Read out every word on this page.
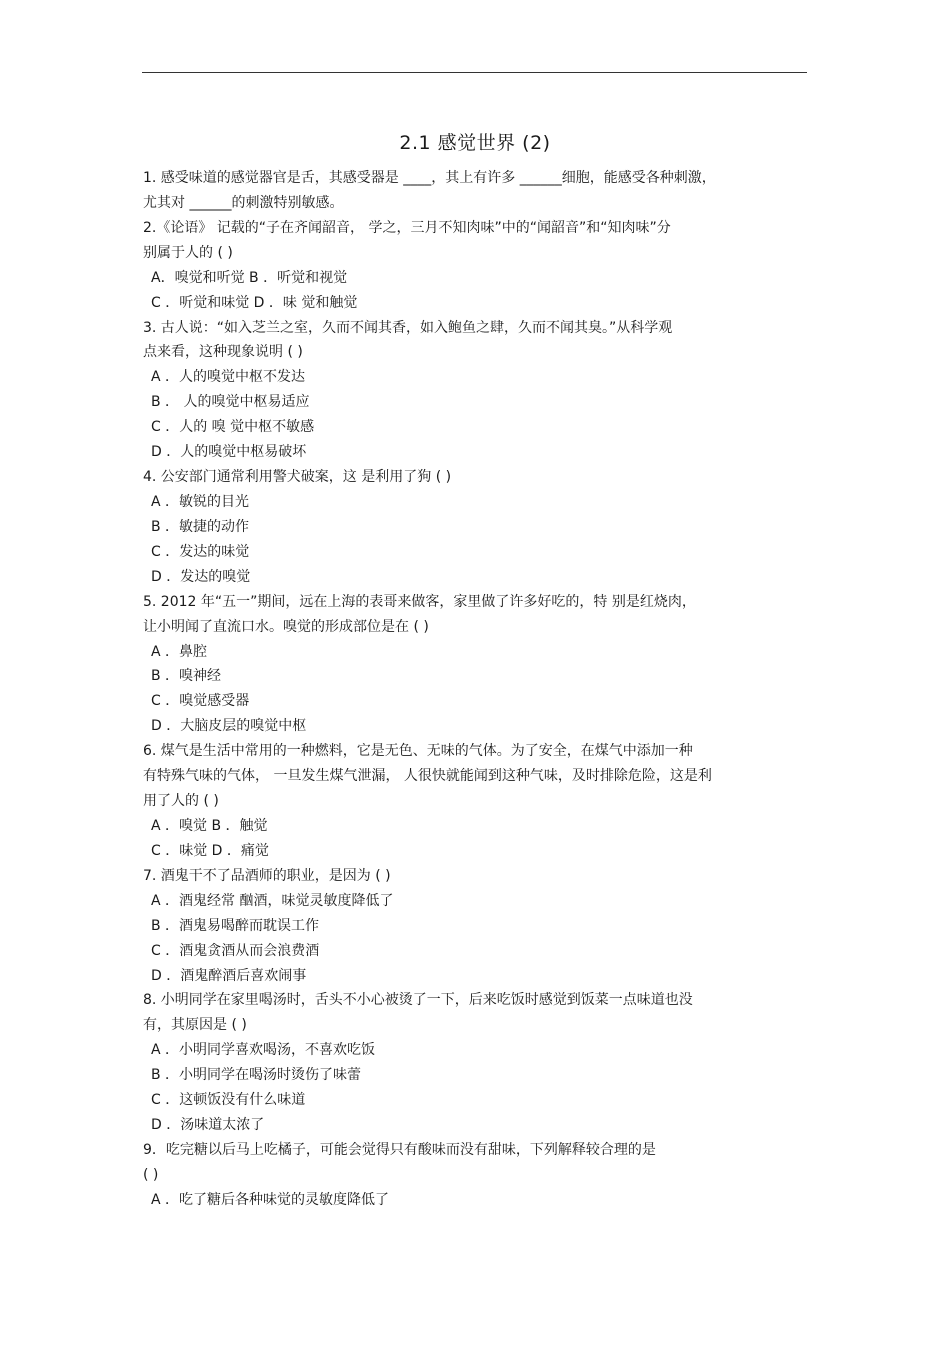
2.1 感觉世界 (2)
1. 感受味道的感觉器官是舌，其感受器是 ____，其上有许多 ______细胞，能感受各种刺激，
尤其对 ______的刺激特别敏感。
2.《论语》 记载的“子在齐闻韶音， 学之，三月不知肉味”中的“闻韶音”和“知肉味”分
别属于人的 ( )
A．嗅觉和听觉 B ．听觉和视觉
C ．听觉和味觉 D ．味 觉和触觉
3. 古人说：“如入芝兰之室，久而不闻其香，如入鲍鱼之肆，久而不闻其臭。”从科学观
点来看，这种现象说明 ( )
A ．人的嗅觉中枢不发达
B ． 人的嗅觉中枢易适应
C ．人的 嗅 觉中枢不敏感
D ．人的嗅觉中枢易破坏
4. 公安部门通常利用警犬破案，这 是利用了狗 ( )
A ．敏锐的目光
B ．敏捷的动作
C ．发达的味觉
D ．发达的嗅觉
5. 2012 年“五一”期间，远在上海的表哥来做客，家里做了许多好吃的，特 别是红烧肉，
让小明闻了直流口水。嗅觉的形成部位是在 ( )
A ．鼻腔
B ．嗅神经
C ．嗅觉感受器
D ．大脑皮层的嗅觉中枢
6. 煤气是生活中常用的一种燃料，它是无色、无味的气体。为了安全，在煤气中添加一种
有特殊气味的气体， 一旦发生煤气泄漏， 人很快就能闻到这种气味，及时排除危险，这是利
用了人的 ( )
A ．嗅觉 B ．触觉
C ．味觉 D ．痛觉
7. 酒鬼干不了品酒师的职业，是因为 ( )
A ．酒鬼经常 酗酒，味觉灵敏度降低了
B ．酒鬼易喝醉而耽误工作
C ．酒鬼贪酒从而会浪费酒
D ．酒鬼醉酒后喜欢闹事
8. 小明同学在家里喝汤时，舌头不小心被烫了一下，后来吃饭时感觉到饭菜一点味道也没
有，其原因是 ( )
A ．小明同学喜欢喝汤，不喜欢吃饭
B ．小明同学在喝汤时烫伤了味蕾
C ．这顿饭没有什么味道
D ．汤味道太浓了
9．吃完糖以后马上吃橘子，可能会觉得只有酸味而没有甜味，下列解释较合理的是
( )
A ．吃了糖后各种味觉的灵敏度降低了
